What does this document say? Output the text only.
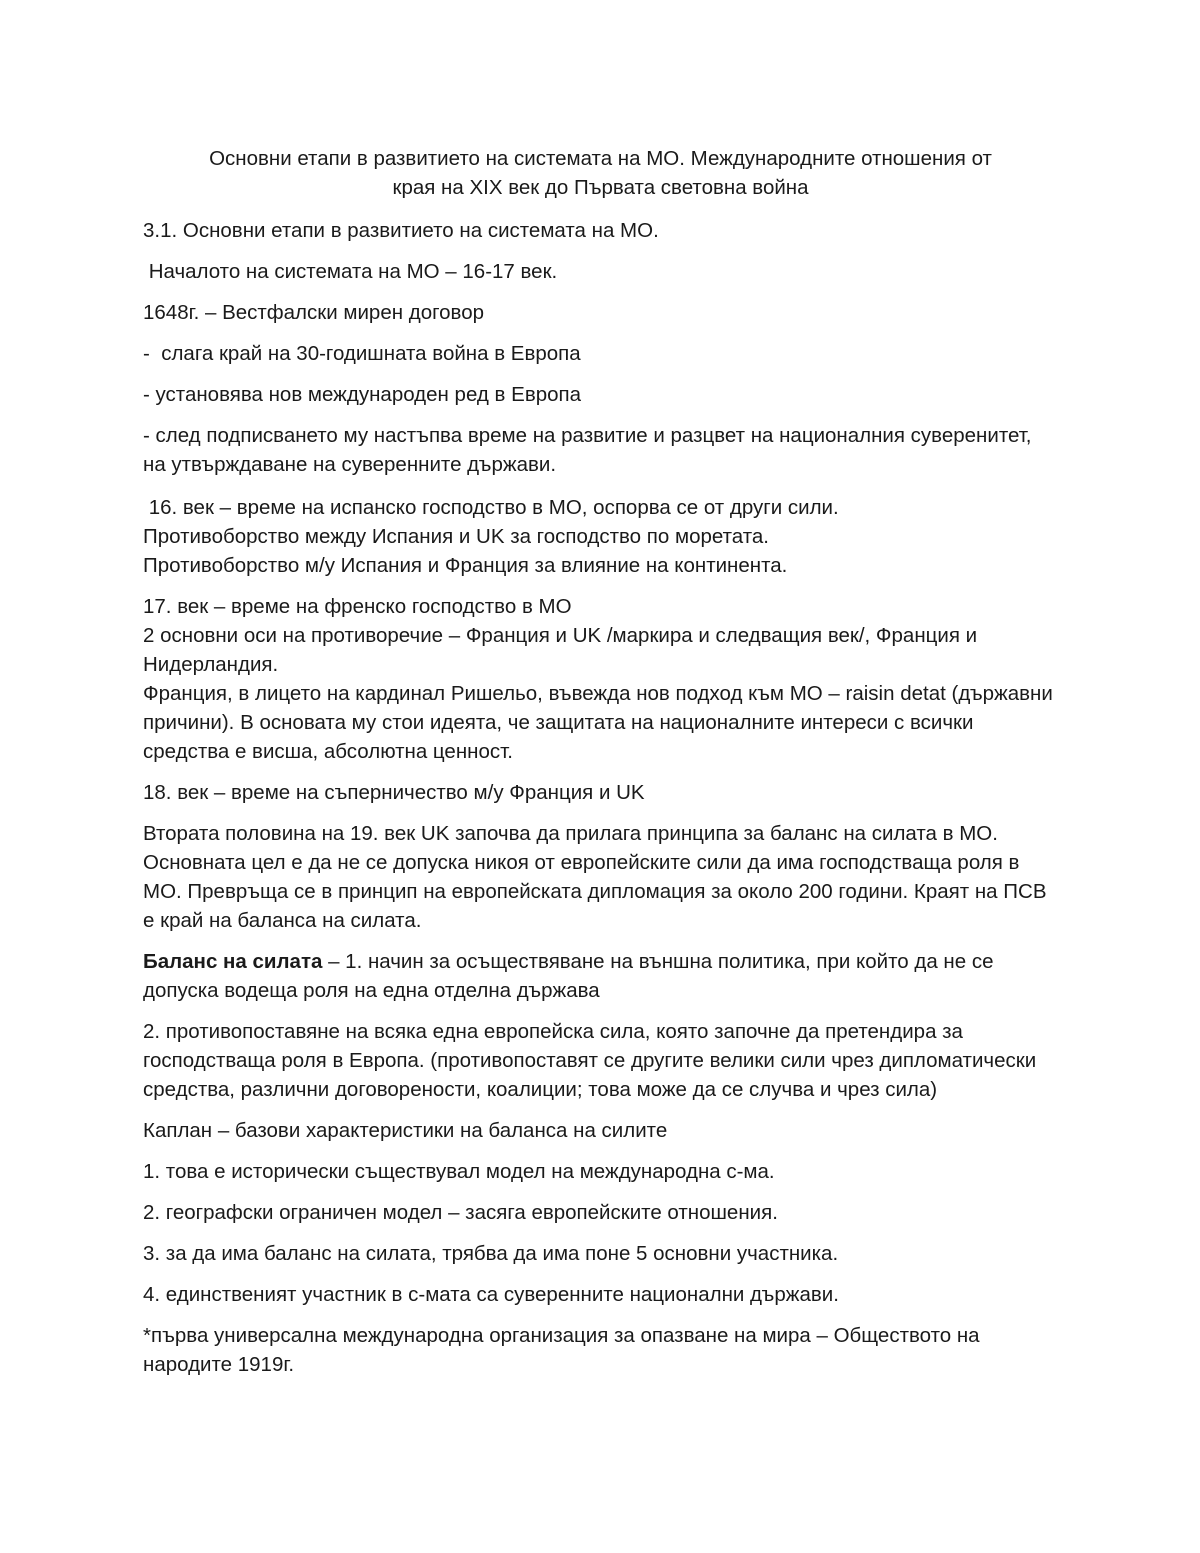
Основни етапи в развитието на системата на МО. Международните отношения от
края на XIX век до Първата световна война

3.1. Основни етапи в развитието на системата на МО.

Началото на системата на МО – 16-17 век.

1648г. – Вестфалски мирен договор

-  слага край на 30-годишната война в Европа

- установява нов международен ред в Европа

- след подписването му настъпва време на развитие и разцвет на националния суверенитет, на утвърждаване на суверенните държави.

16. век – време на испанско господство в МО, оспорва се от други сили.
Противоборство между Испания и UK за господство по моретата.
Противоборство м/у Испания и Франция за влияние на континента.

17. век – време на френско господство в МО
2 основни оси на противоречие – Франция и UK /маркира и следващия век/, Франция и Нидерландия.
Франция, в лицето на кардинал Ришельо, въвежда нов подход към МО – raisin detat (държавни причини). В основата му стои идеята, че защитата на националните интереси с всички средства е висша, абсолютна ценност.

18. век – време на съперничество м/у Франция и UK

Втората половина на 19. век UK започва да прилага принципа за баланс на силата в МО. Основната цел е да не се допуска никоя от европейските сили да има господстваща роля в МО. Превръща се в принцип на европейската дипломация за около 200 години. Краят на ПСВ е край на баланса на силата.

Баланс на силата – 1. начин за осъществяване на външна политика, при който да не се допуска водеща роля на една отделна държава

2. противопоставяне на всяка една европейска сила, която започне да претендира за господстваща роля в Европа. (противопоставят се другите велики сили чрез дипломатически средства, различни договорености, коалиции; това може да се случва и чрез сила)

Каплан – базови характеристики на баланса на силите

1. това е исторически съществувал модел на международна с-ма.

2. географски ограничен модел – засяга европейските отношения.

3. за да има баланс на силата, трябва да има поне 5 основни участника.

4. единственият участник в с-мата са суверенните национални държави.

*първа универсална международна организация за опазване на мира – Обществото на народите 1919г.
